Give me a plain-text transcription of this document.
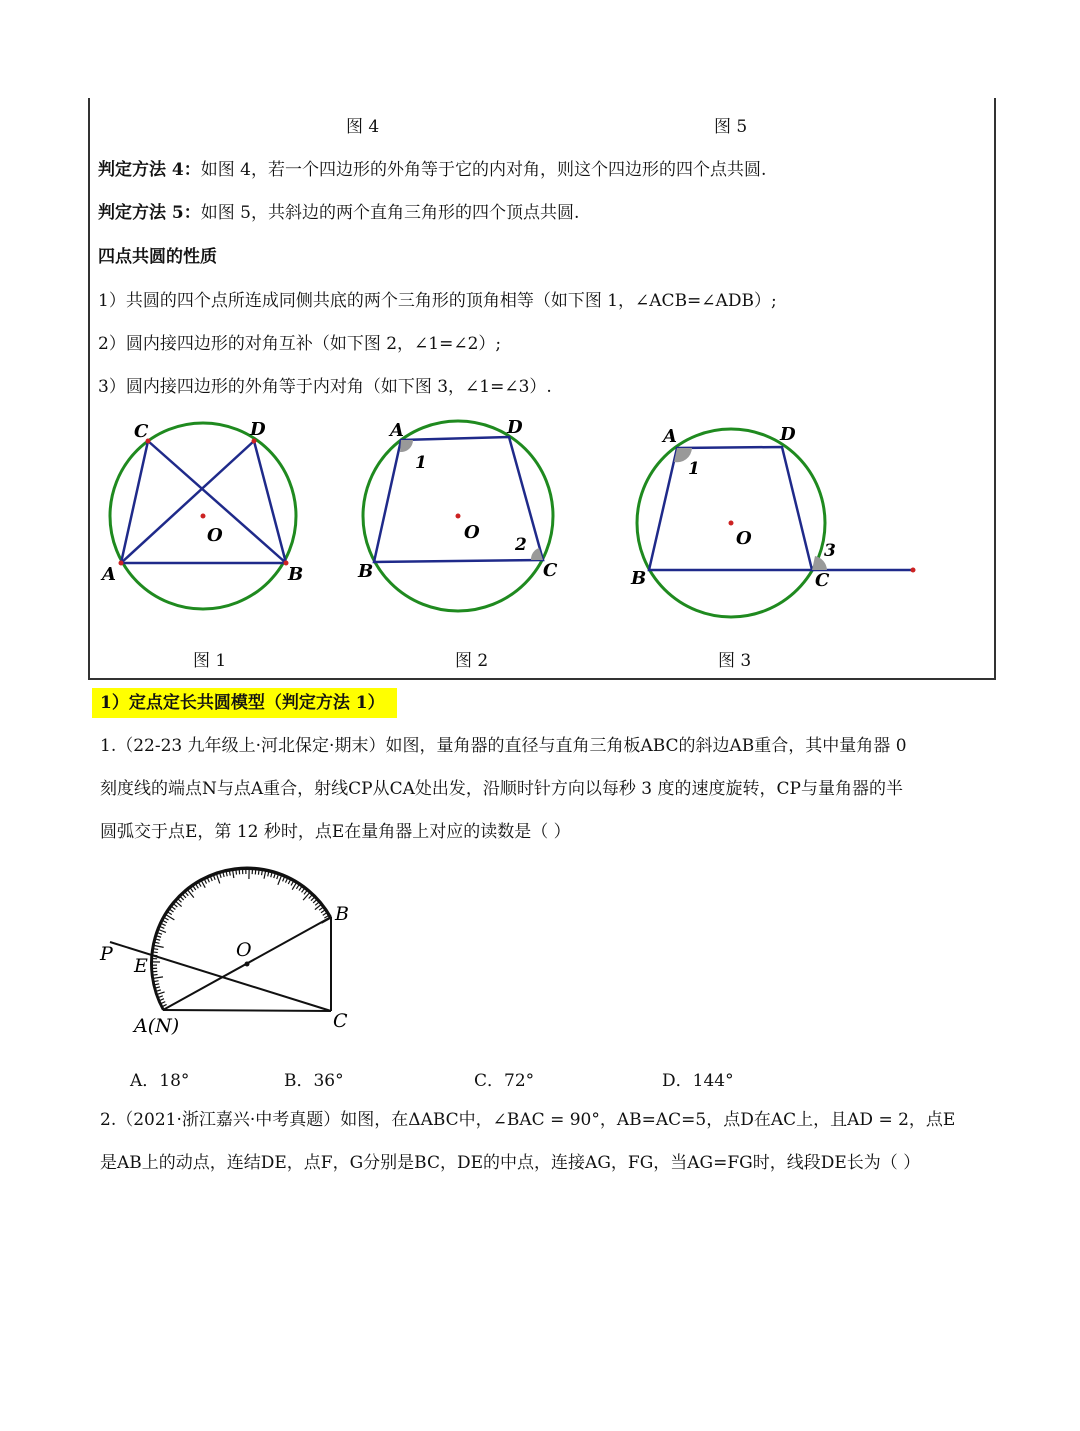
图 4	图 5
判定方法 4：如图 4，若一个四边形的外角等于它的内对角，则这个四边形的四个点共圆.
判定方法 5：如图 5，共斜边的两个直角三角形的四个顶点共圆.
四点共圆的性质
1）共圆的四个点所连成同侧共底的两个三角形的顶角相等（如下图 1，∠ACB=∠ADB）;
2）圆内接四边形的对角互补（如下图 2，∠1=∠2）;
3）圆内接四边形的外角等于内对角（如下图 3，∠1=∠3）.
C	D
A	B
O
A	D
B	C
O
1
2
A	D
B	C
O
1
3
图 1	图 2	图 3
1）定点定长共圆模型（判定方法 1）
1.（22-23 九年级上·河北保定·期末）如图，量角器的直径与直角三角板ABC的斜边AB重合，其中量角器 0
刻度线的端点N与点A重合，射线CP从CA处出发，沿顺时针方向以每秒 3 度的速度旋转，CP与量角器的半
圆弧交于点E，第 12 秒时，点E在量角器上对应的读数是（ ）
P
E
O
B
A(N)	C
A．18°	B．36°	C．72°	D．144°
2.（2021·浙江嘉兴·中考真题）如图，在ΔABC中，∠BAC = 90°，AB=AC=5，点D在AC上，且AD = 2，点E
是AB上的动点，连结DE，点F，G分别是BC，DE的中点，连接AG，FG，当AG=FG时，线段DE长为（ ）
